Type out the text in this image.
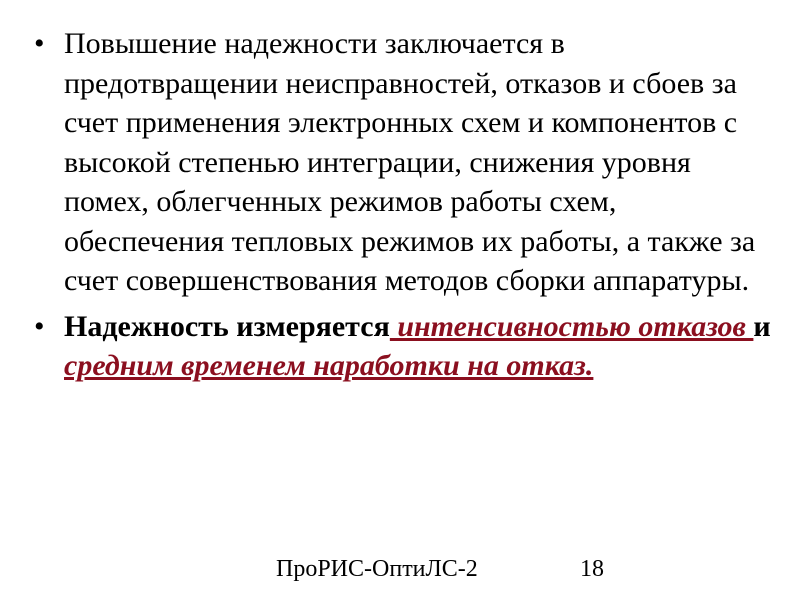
• Повышение надежности заключается в предотвращении неисправностей, отказов и сбоев за счет применения электронных схем и компонентов с высокой степенью интеграции, снижения уровня помех, облегченных режимов работы схем, обеспечения тепловых режимов их работы, а также за счет совершенствования методов сборки аппаратуры.
• Надежность измеряется интенсивностью отказов и средним временем наработки на отказ.
ПроРИС-ОптиЛС-2	18
